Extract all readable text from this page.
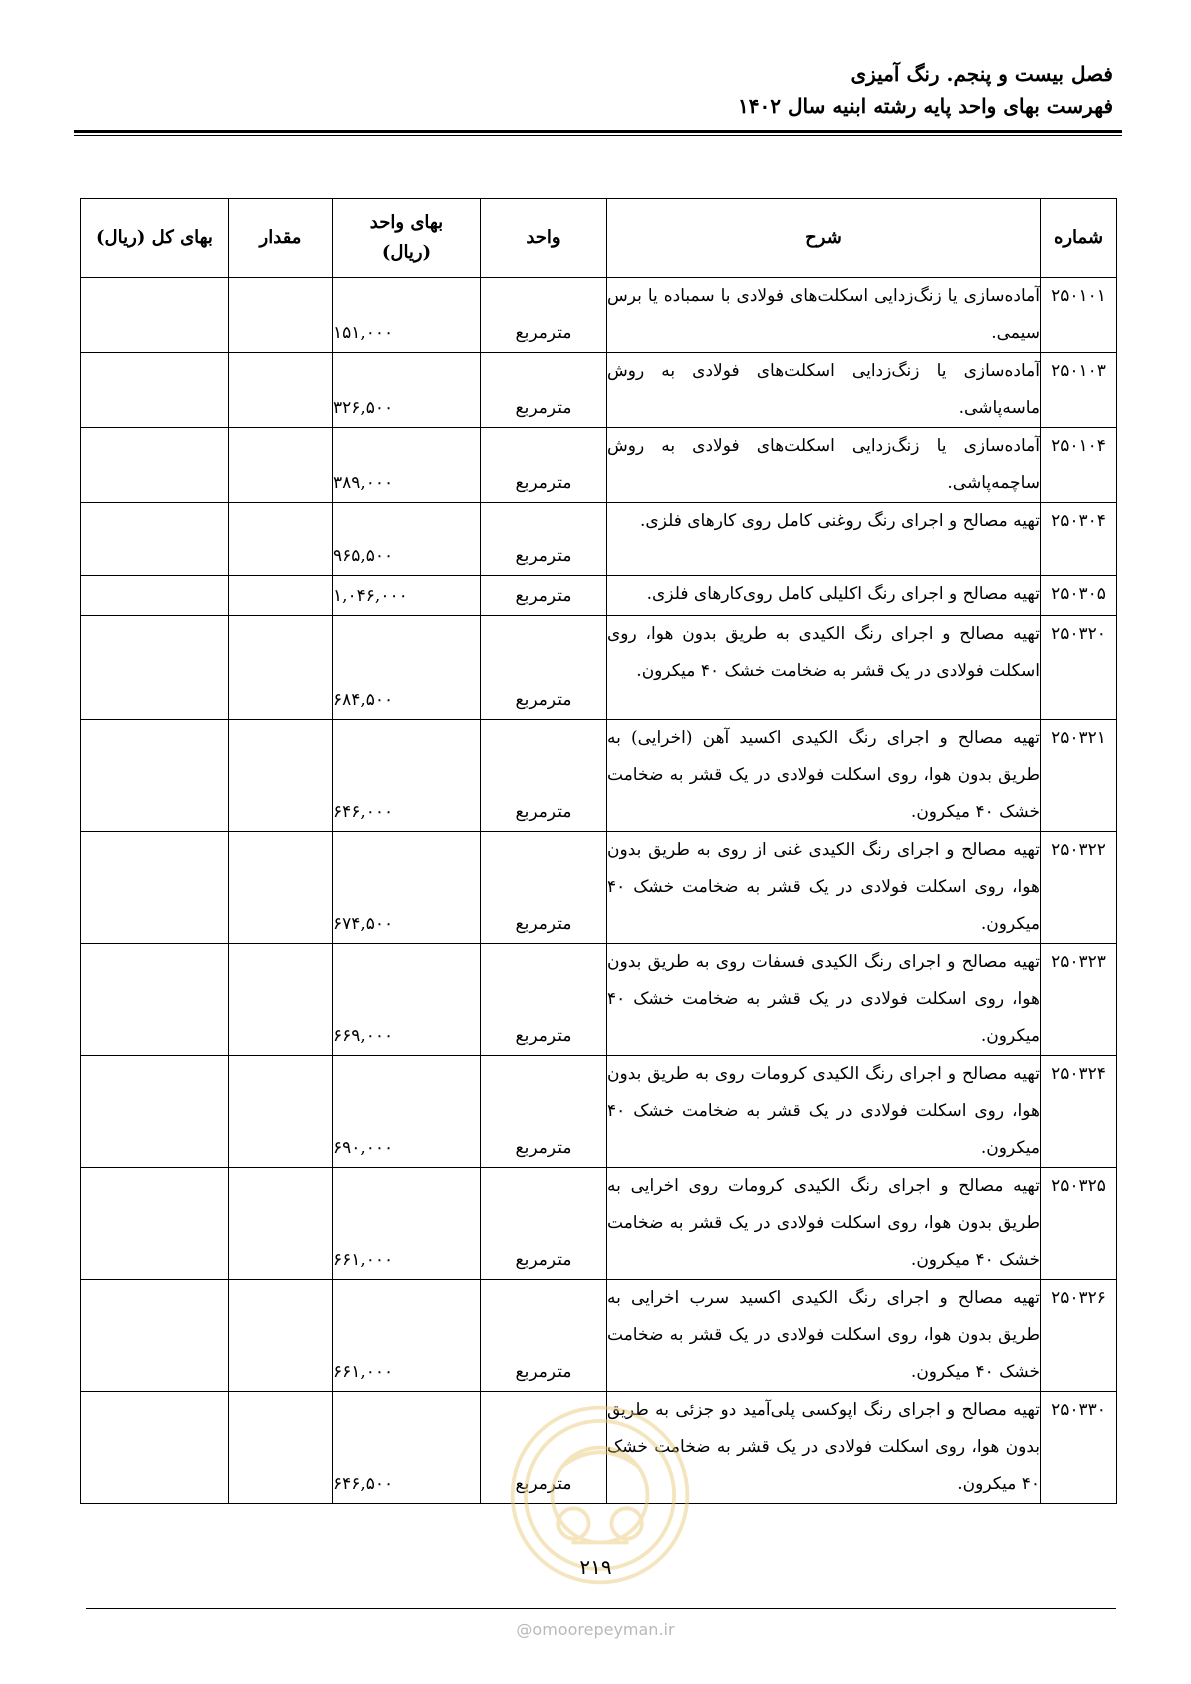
فصل بیست و پنجم. رنگ آمیزی
فهرست بهای واحد پایه رشته ابنیه سال ۱۴۰۲
شماره	شرح	واحد	بهای واحد
(ریال)	مقدار	بهای کل (ریال)
۲۵۰۱۰۱	آماده‌سازی یا زنگ‌زدایی اسکلت‌های فولادی با سمباده یا برس سیمی.	مترمربع	۱۵۱,۰۰۰		
۲۵۰۱۰۳	آماده‌سازی یا زنگ‌زدایی اسکلت‌های فولادی به روش ماسه‌پاشی.	مترمربع	۳۲۶,۵۰۰		
۲۵۰۱۰۴	آماده‌سازی یا زنگ‌زدایی اسکلت‌های فولادی به روش ساچمه‌پاشی.	مترمربع	۳۸۹,۰۰۰		
۲۵۰۳۰۴	تهیه مصالح و اجرای رنگ روغنی کامل روی کارهای فلزی.	مترمربع	۹۶۵,۵۰۰		
۲۵۰۳۰۵	تهیه مصالح و اجرای رنگ اکلیلی کامل روی‌کارهای فلزی.	مترمربع	۱,۰۴۶,۰۰۰		
۲۵۰۳۲۰	تهیه مصالح و اجرای رنگ الکیدی به طریق بدون هوا، روی اسکلت فولادی در یک قشر به ضخامت خشک ۴۰ میکرون.	مترمربع	۶۸۴,۵۰۰		
۲۵۰۳۲۱	تهیه مصالح و اجرای رنگ الکیدی اکسید آهن (اخرایی) به طریق بدون هوا، روی اسکلت فولادی در یک قشر به ضخامت خشک ۴۰ میکرون.	مترمربع	۶۴۶,۰۰۰		
۲۵۰۳۲۲	تهیه مصالح و اجرای رنگ الکیدی غنی از روی به طریق بدون هوا، روی اسکلت فولادی در یک قشر به ضخامت خشک ۴۰ میکرون.	مترمربع	۶۷۴,۵۰۰		
۲۵۰۳۲۳	تهیه مصالح و اجرای رنگ الکیدی فسفات روی به طریق بدون هوا، روی اسکلت فولادی در یک قشر به ضخامت خشک ۴۰ میکرون.	مترمربع	۶۶۹,۰۰۰		
۲۵۰۳۲۴	تهیه مصالح و اجرای رنگ الکیدی کرومات روی به طریق بدون هوا، روی اسکلت فولادی در یک قشر به ضخامت خشک ۴۰ میکرون.	مترمربع	۶۹۰,۰۰۰		
۲۵۰۳۲۵	تهیه مصالح و اجرای رنگ الکیدی کرومات روی اخرایی به طریق بدون هوا، روی اسکلت فولادی در یک قشر به ضخامت خشک ۴۰ میکرون.	مترمربع	۶۶۱,۰۰۰		
۲۵۰۳۲۶	تهیه مصالح و اجرای رنگ الکیدی اکسید سرب اخرایی به طریق بدون هوا، روی اسکلت فولادی در یک قشر به ضخامت خشک ۴۰ میکرون.	مترمربع	۶۶۱,۰۰۰		
۲۵۰۳۳۰	تهیه مصالح و اجرای رنگ اپوکسی پلی‌آمید دو جزئی به طریق بدون هوا، روی اسکلت فولادی در یک قشر به ضخامت خشک ۴۰ میکرون.	مترمربع	۶۴۶,۵۰۰		
۲۱۹
@omoorepeyman.ir
